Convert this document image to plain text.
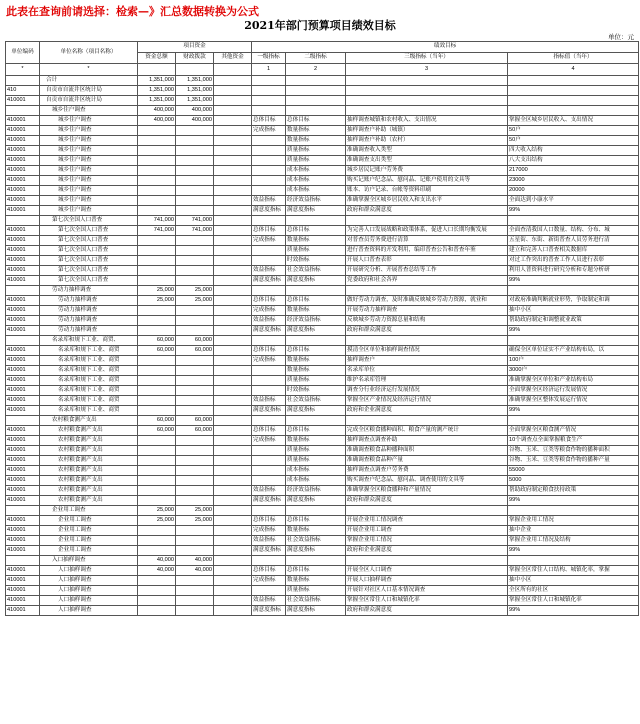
此表在查询前请选择：检索—》汇总数据转换为公式
2021年部门预算项目绩效目标
单位：元
单位编码	单位名称（项目名称）	项目资金			绩效目标			
		资金总额	财政拨款	其他资金	一级指标	二级指标	三级指标（当年）	指标值（当年）
*	*				1	2	3	4
	合计	1,351,000	1,351,000					
410	自贡市自流井区统计局	1,351,000	1,351,000					
410001	自贡市自流井区统计局	1,351,000	1,351,000					
	城乡住户调查	400,000	400,000					
410001	城乡住户调查	400,000	400,000		总体目标	总体目标	抽样调查城镇和农村收入、支出情况	掌握全区城乡居民收入、支出情况
410001	城乡住户调查				完成指标	数量指标	抽样调查户补助（城镇）	50户
410001	城乡住户调查					数量指标	抽样调查户补助（农村）	50户
410001	城乡住户调查					质量指标	准确调查收入类型	四大收入结构
410001	城乡住户调查					质量指标	准确调查支出类型	八大支出结构
410001	城乡住户调查					成本指标	城乡居民记账户劳务费	217000
410001	城乡住户调查					成本指标	购买记账户纪念品、慰问品、记账户使用的文具等	23000
410001	城乡住户调查					成本指标	账本、访户记录、台帐等资料印刷	20000
410001	城乡住户调查				效益指标	经济效益指标	准确掌握全区城乡居民收入和支出水平	全面达到小康水平
410001	城乡住户调查				满意度指标	满意度指标	政府和群众满意度	99%
	第七次全国人口普查	741,000	741,000					
410001	第七次全国人口普查	741,000	741,000		总体目标	总体目标	为完善人口发展战略和政策体系，促进人口长期均衡发展	全面查清我国人口数量、结构、分布、城
410001	第七次全国人口普查				完成指标	数量指标	对普查员劳务费进行清算	五星街、东街、新街普查人员劳务进行清
410001	第七次全国人口普查					质量指标	进行普查资料的开发利用，编印普查公告和普查年鉴	建立和完善人口普查相关数据库
410001	第七次全国人口普查					时效指标	开展人口普查表彰	对过工作突出的普查工作人员进行表彰
410001	第七次全国人口普查				效益指标	社会效益指标	开展研究分析、开展普查总结等工作	利用人普资料进行研究分析和专题分析研
410001	第七次全国人口普查				满意度指标	满意度指标	党委政府和社会各界	99%
	劳动力抽样调查	25,000	25,000					
410001	劳动力抽样调查	25,000	25,000		总体目标	总体目标	做好劳动力调查，及时准确反映城乡劳动力资源，就业和	对政府准确判断就业形势，争取制定和调
410001	劳动力抽样调查				完成指标	数量指标	开展劳动力抽样调查	抽中小区
410001	劳动力抽样调查				效益指标	经济效益指标	反映城乡劳动力资源总量和结构	帮助政府制定和调整就业政策
410001	劳动力抽样调查				满意度指标	满意度指标	政府和群众满意度	99%
	名录库和规下工业、商贸、	60,000	60,000					
410001	名录库和规下工业、商贸	60,000	60,000		总体目标	总体目标	摸清全区单位和抽样调查情况	确保全区单位证实不产业结构布局，以
410001	名录库和规下工业、商贸				完成指标	数量指标	抽样调查户	100户
410001	名录库和规下工业、商贸					数量指标	名录库单位	3000户
410001	名录库和规下工业、商贸					质量指标	维护名录库管理	准确掌握全区单位和产业结构布局
410001	名录库和规下工业、商贸					时效指标	调查分行业经济运行发展情况	全面掌握全区经济运行发展情况
410001	名录库和规下工业、商贸				效益指标	社会效益指标	掌握全区产业情况及经济运行情况	准确掌握全区整体发展运行情况
410001	名录库和规下工业、商贸				满意度指标	满意度指标	政府和企业满意度	99%
	农村粮食测产支出	60,000	60,000					
410001	农村粮食测产支出	60,000	60,000		总体目标	总体目标	完成全区粮食播种面积、粮食产量的测产统计	全面掌握全区粮食测产情况
410001	农村粮食测产支出				完成指标	数量指标	抽样调查点调查补助	10个调查点全面掌握粮食生产
410001	农村粮食测产支出					质量指标	准确调查粮食品种播种面积	谷物、玉米、豆类等粮食作物的播种面积
410001	农村粮食测产支出					质量指标	准确调查粮食品种产量	谷物、玉米、豆类等粮食作物的播种产量
410001	农村粮食测产支出					成本指标	抽样调查点调查户劳务费	55000
410001	农村粮食测产支出					成本指标	购买调查户纪念品、慰问品、调查使用的文具等	5000
410001	农村粮食测产支出				效益指标	经济效益指标	准确掌握全区粮食播种和产量情况	帮助政府制定粮食扶持政策
410001	农村粮食测产支出				满意度指标	满意度指标	政府和群众满意度	99%
	企业用工调查	25,000	25,000					
410001	企业用工调查	25,000	25,000		总体目标	总体目标	开展企业用工情况调查	掌握企业用工情况
410001	企业用工调查				完成指标	数量指标	开展企业用工调查	抽中企业
410001	企业用工调查				效益指标	社会效益指标	掌握企业用工情况	掌握企业用工情况及结构
410001	企业用工调查				满意度指标	满意度指标	政府和企业满意度	99%
	入口抽样调查	40,000	40,000					
410001	人口抽样调查	40,000	40,000		总体目标	总体目标	开展全区人口调查	掌握全区常住人口结构、城镇化率，掌握
410001	人口抽样调查				完成指标	数量指标	开展人口抽样调查	抽中小区
410001	人口抽样调查					质量指标	开展针对社区人口基本情况调查	全区所有的社区
410001	人口抽样调查				效益指标	社会效益指标	掌握全区常住人口和城镇化率	掌握全区常住人口和城镇化率
410001	人口抽样调查				满意度指标	满意度指标	政府和群众满意度	99%
